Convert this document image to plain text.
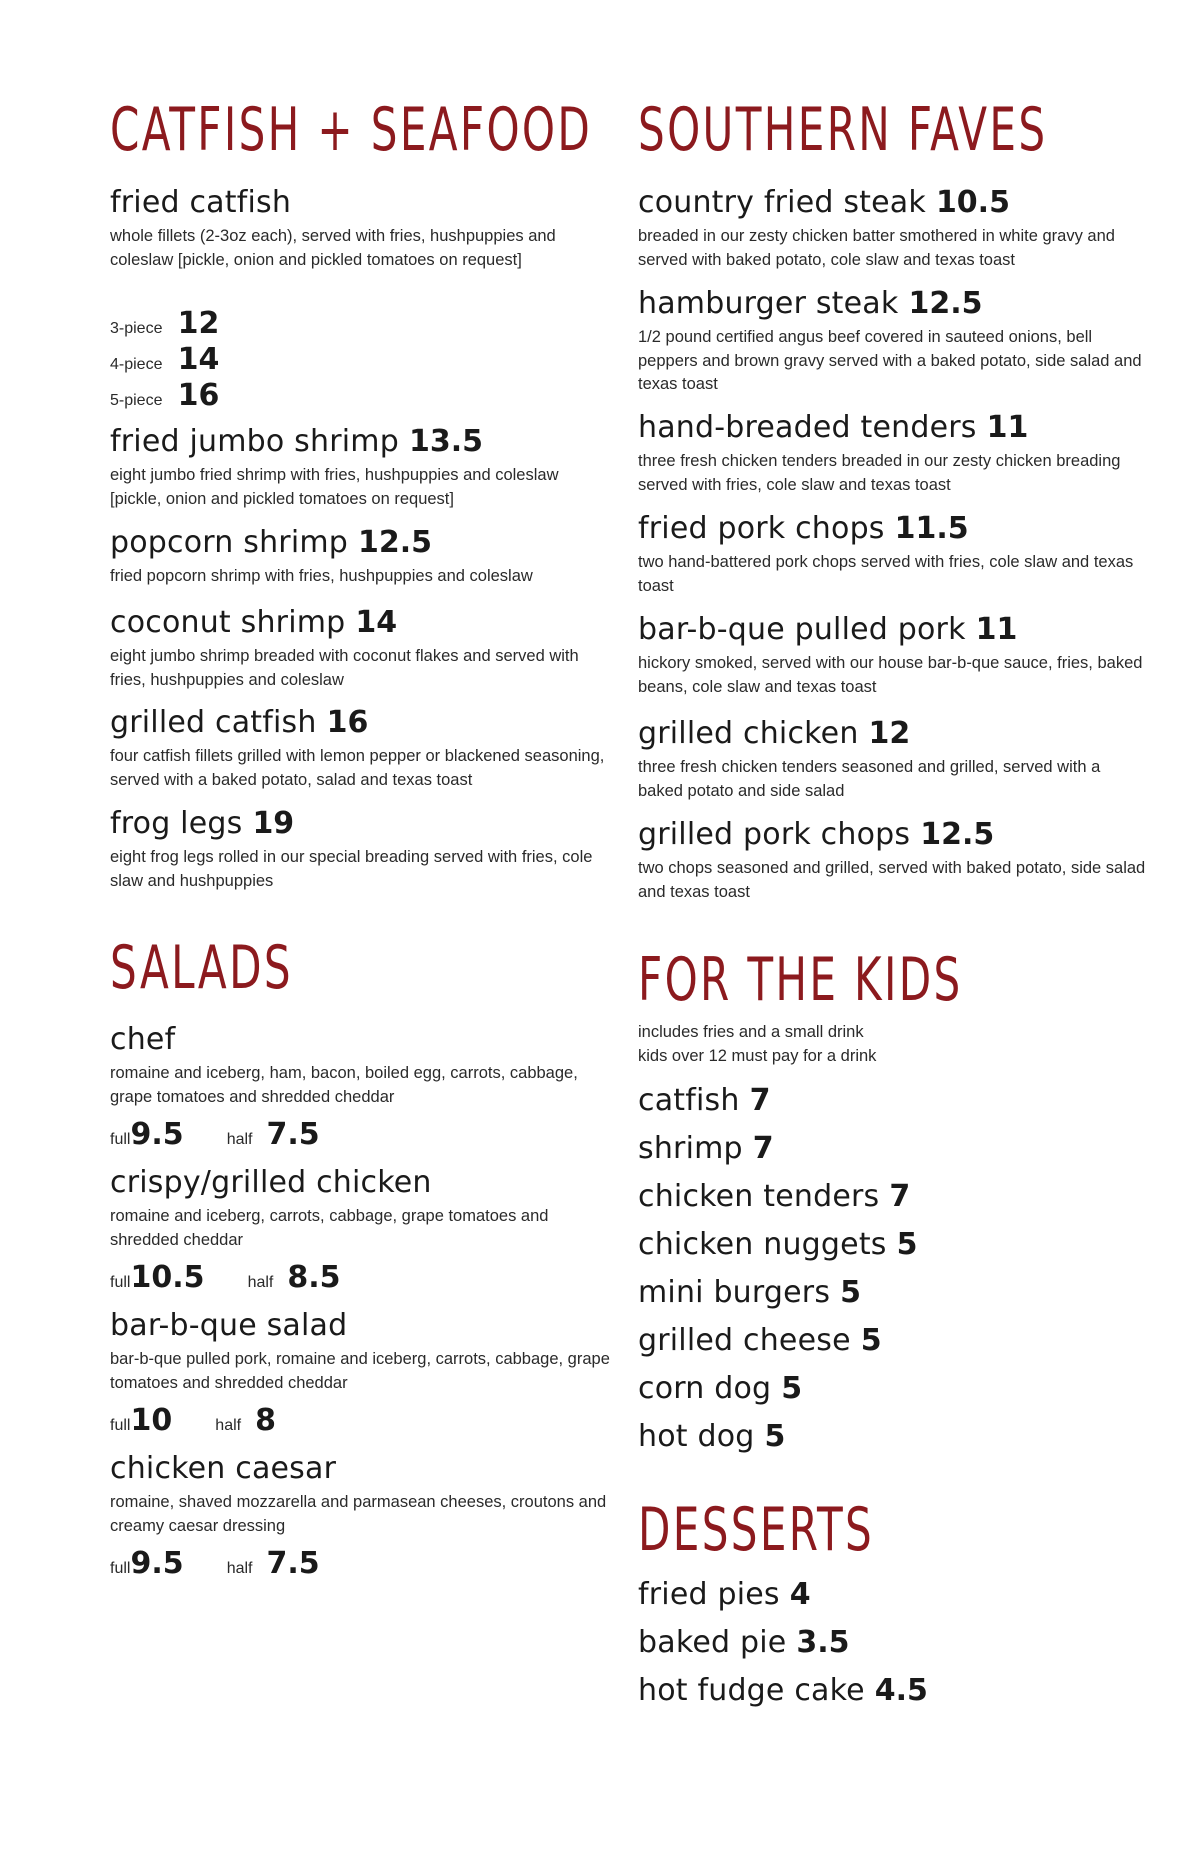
CATFISH + SEAFOOD
fried catfish
whole fillets (2-3oz each), served with fries, hushpuppies and coleslaw [pickle, onion and pickled tomatoes on request]
3-piece 12
4-piece 14
5-piece 16
fried jumbo shrimp 13.5
eight jumbo fried shrimp with fries, hushpuppies and coleslaw [pickle, onion and pickled tomatoes on request]
popcorn shrimp 12.5
fried popcorn shrimp with fries, hushpuppies and coleslaw
coconut shrimp 14
eight jumbo shrimp breaded with coconut flakes and served with fries, hushpuppies and coleslaw
grilled catfish 16
four catfish fillets grilled with lemon pepper or blackened seasoning, served with a baked potato, salad and texas toast
frog legs 19
eight frog legs rolled in our special breading served with fries, cole slaw and hushpuppies
SALADS
chef
romaine and iceberg, ham, bacon, boiled egg, carrots, cabbage, grape tomatoes and shredded cheddar
full9.5	half 7.5
crispy/grilled chicken
romaine and iceberg, carrots, cabbage, grape tomatoes and shredded cheddar
full10.5	half 8.5
bar-b-que salad
bar-b-que pulled pork, romaine and iceberg, carrots, cabbage, grape tomatoes and shredded cheddar
full10	half 8
chicken caesar
romaine, shaved mozzarella and parmasean cheeses, croutons and creamy caesar dressing
full9.5	half 7.5
SOUTHERN FAVES
country fried steak 10.5
breaded in our zesty chicken batter smothered in white gravy and served with baked potato, cole slaw and texas toast
hamburger steak 12.5
1/2 pound certified angus beef covered in sauteed onions, bell peppers and brown gravy served with a baked potato, side salad and texas toast
hand-breaded tenders 11
three fresh chicken tenders breaded in our zesty chicken breading served with fries, cole slaw and texas toast
fried pork chops 11.5
two hand-battered pork chops served with fries, cole slaw and texas toast
bar-b-que pulled pork 11
hickory smoked, served with our house bar-b-que sauce, fries, baked beans, cole slaw and texas toast
grilled chicken 12
three fresh chicken tenders seasoned and grilled, served with a baked potato and side salad
grilled pork chops 12.5
two chops seasoned and grilled, served with baked potato, side salad and texas toast
FOR THE KIDS
includes fries and a small drink
kids over 12 must pay for a drink
catfish 7
shrimp 7
chicken tenders 7
chicken nuggets 5
mini burgers 5
grilled cheese 5
corn dog 5
hot dog 5
DESSERTS
fried pies 4
baked pie 3.5
hot fudge cake 4.5
